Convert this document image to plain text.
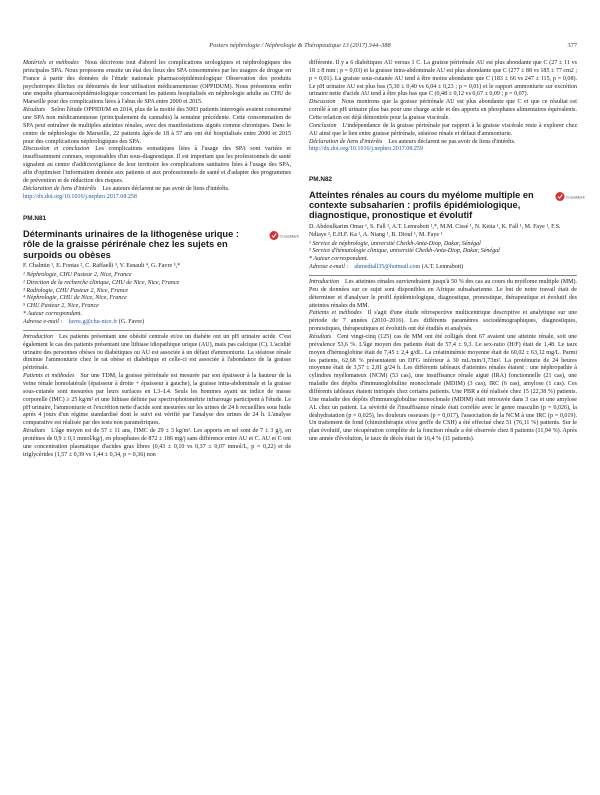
Posters néphrologie / Néphrologie & Thérapeutique 13 (2017) 344–388	377

Matériels et méthodes Nous décrivons tout d'abord les complications urologiques et néphrologiques des principales SPA. Nous proposons ensuite un état des lieux des SPA consommées par les usagers de drogue en France à partir des données de l'étude nationale pharmacoépidémiologique Observation des produits psychotropes illicites ou détournés de leur utilisation médicamenteuse (OPPIDUM). Nous présentons enfin une enquête pharmacoépidémiologique concernant les patients hospitalisés en néphrologie adulte au CHU de Marseille pour des complications liées à l'abus de SPA entre 2000 et 2015.

Résultats Selon l'étude OPPIDUM en 2014, plus de la moitié des 5003 patients interrogés avaient consommé une SPA non médicamenteuse (principalement du cannabis) la semaine précédente. Cette consommation de SPA peut entraîner de multiples atteintes rénales, avec des manifestations aiguës comme chroniques. Dans le centre de néphrologie de Marseille, 22 patients âgés de 18 à 57 ans ont été hospitalisés entre 2000 et 2015 pour des complications néphrologiques des SPA.

Discussion et conclusion Les complications somatiques liées à l'usage des SPA sont variées et insuffisamment connues, responsables d'un sous-diagnostique. Il est important que les professionnels de santé signalent au centre d'addictovigilance de leur territoire les complications sanitaires liées à l'usage des SPA, afin d'optimiser l'information donnée aux patients et aux professionnels de santé et d'adapter des programmes de prévention et de réduction des risques.

Déclaration de liens d'intérêts Les auteurs déclarent ne pas avoir de liens d'intérêts.

http://dx.doi.org/10.1016/j.nephro.2017.08.258

PM.N81
Déterminants urinaires de la lithogenèse urique : rôle de la graisse périrénale chez les sujets en surpoids ou obèses
CrossMark
F. Chalmin ¹, E. Fontas ², C. Raffaelli ³, V. Esnault ⁴, G. Favre ⁵,*
¹ Néphrologie, CHU Pasteur 2, Nice, France
² Direction de la recherche clinique, CHU de Nice, Nice, France
³ Radiologie, CHU Pasteur 2, Nice, France
⁴ Néphrologie, CHU de Nice, Nice, France
⁵ CHU Pasteur 2, Nice, France
* Auteur correspondant.
Adresse e-mail : favre.g@chu-nice.fr (G. Favre)

Introduction Les patients présentant une obésité centrale et/ou un diabète ont un pH urinaire acide. C'est également le cas des patients présentant une lithiase idiopathique urique (AU), mais pas calcique (C). L'acidité urinaire des personnes obèses ou diabétiques ou AU est associée à un défaut d'ammoniurie. La stéatose rénale diminue l'ammoniurie chez le rat obèse et diabétique et celle-ci est associée à l'abondance de la graisse périrénale.

Patients et méthodes Sur une TDM, la graisse périrénale est mesurée par son épaisseur à la hauteur de la veine rénale homolatérale (épaisseur à droite + épaisseur à gauche), la graisse intra-abdominale et la graisse sous-cutanée sont mesurées par leurs surfaces en L3–L4. Seuls les hommes ayant un indice de masse corporelle (IMC) ≥ 25 kg/m² et une lithiase définie par spectrophotométrie infrarouge participent à l'étude. Le pH urinaire, l'ammoniurie et l'excrétion nette d'acide sont mesurées sur les urines de 24 h recueillies sous huile après 4 jours d'un régime standardisé dont le suivi est vérifié par l'analyse des urines de 24 h. L'analyse comparative est réalisée par des tests non paramétriques.

Résultats L'âge moyen est de 57 ± 11 ans, l'IMC de 29 ± 3 kg/m². Les apports en sel sont de 7 ± 3 g/j, en protéines de 0,9 ± 0,1 mmol/kg/j, en phosphates de 872 ± 186 mg/j sans différence entre AU et C. AU et C ont une concentration plasmatique d'acides gras libres (0,43 ± 0,10 vs 0,37 ± 0,07 mmol/L, p = 0,22) et de triglycérides (1,57 ± 0,39 vs 1,44 ± 0,34, p = 0,36) non

différente. Il y a 6 diabétiques AU versus 1 C. La graisse périrénale AU est plus abondante que C (27 ± 11 vs 18 ± 8 mm ; p = 0,03) et la graisse intra-abdominale AU est plus abondante que C (277 ± 88 vs 185 ± 77 cm2 ; p = 0,01). La graisse sous-cutanée AU tend à être moins abondante que C (183 ± 66 vs 247 ± 115, p = 0,08). Le pH urinaire AU est plus bas (5,30 ± 0,40 vs 6,04 ± 0,23 ; p = 0,01) et le rapport ammoniurie sur excrétion urinaire nette d'acide AU tend à être plus bas que C (0,48 ± 0,12 vs 0,67 ± 0,09 ; p = 0,07).

Discussion Nous montrons que la graisse périrénale AU est plus abondante que C et que ce résultat est corrélé à un pH urinaire plus bas pour une charge acide et des apports en phosphates alimentaires équivalents. Cette relation est déjà démontrée pour la graisse viscérale.

Conclusion L'indépendance de la graisse périrénale par rapport à la graisse viscérale reste à explorer chez AU ainsi que le lien entre graisse périrénale, stéatose rénale et défaut d'ammoniurie.

Déclaration de liens d'intérêts Les auteurs déclarent ne pas avoir de liens d'intérêts.

http://dx.doi.org/10.1016/j.nephro.2017.08.259

PM.N82
Atteintes rénales au cours du myélome multiple en contexte subsaharien : profils épidémiologique, diagnostique, pronostique et évolutif
CrossMark
D. Abdoulkarim Omar ¹, S. Fall ², A.T. Lemrabott ¹,*, M.M. Cissé ¹, N. Keita ¹, K. Fall ¹, M. Faye ¹, F.S. Ndiaye ², E.H.F. Ka ¹, A. Niang ¹, B. Diouf ¹, M. Faye ¹
¹ Service de néphrologie, université Cheikh-Anta-Diop, Dakar, Sénégal
² Service d'hématologie clinique, université Cheikh-Anta-Diop, Dakar, Sénégal
* Auteur correspondant.
Adresse e-mail : ahmedtall35@hotmail.com (A.T. Lemrabott)

Introduction Les atteintes rénales surviendraient jusqu'à 50 % des cas au cours du myélome multiple (MM). Peu de données sur ce sujet sont disponibles en Afrique subsaharienne. Le but de notre travail était de déterminer et d'analyser le profil épidémiologique, diagnostique, pronostique, thérapeutique et évolutif des atteintes rénales du MM.

Patients et méthodes Il s'agit d'une étude rétrospective multicentrique descriptive et analytique sur une période de 7 années (2010–2016). Les différents paramètres sociodémographiques, diagnostiques, pronostiques, thérapeutiques et évolutifs ont été étudiés et analysés.

Résultats Cent vingt-cinq (125) cas de MM ont été colligés dont 67 avaient une atteinte rénale, soit une prévalence 53,6 %. L'âge moyen des patients était de 57,4 ± 9,3. Le sex-ratio (H/F) était de 1,48. Le taux moyen d'hémoglobine était de 7,45 ± 2,4 g/dL. La créatininémie moyenne était de 60,02 ± 63,12 mg/L. Parmi les patients, 62,68 % présentaient un DFG inférieur à 30 mL/min/1,73m². La protéinurie de 24 heures moyenne était de 3,57 ± 2,81 g/24 h. Les différents tableaux d'atteintes rénales étaient : une néphropathie à cylindres myélomateux (NCM) (53 cas), une insuffisance rénale aiguë (IRA) fonctionnelle (21 cas), une maladie des dépôts d'immunoglobuline monoclonale (MDIM) (3 cas), IRC (6 cas), amylose (1 cas). Ces différents tableaux étaient intriqués chez certains patients. Une PBR a été réalisée chez 15 (22,38 %) patients. Une maladie des dépôts d'immunoglobuline monoclonale (MDIM) était retrouvée dans 3 cas et une amylose AL chez un patient. La sévérité de l'insuffisance rénale était corrélée avec le genre masculin (p = 0,026), la déshydratation (p = 0,025), les douleurs osseuses (p = 0,017), l'association de la NCM à une IRC (p = 0,019). Un traitement de fond (chimiothérapie et/ou greffe de CSH) a été effectué chez 51 (76,11 %) patients. Sur le plan évolutif, une récupération complète de la fonction rénale a été observée chez 8 patients (11,94 %). Après une année d'évolution, le taux de décès était de 16,4 % (11 patients).
